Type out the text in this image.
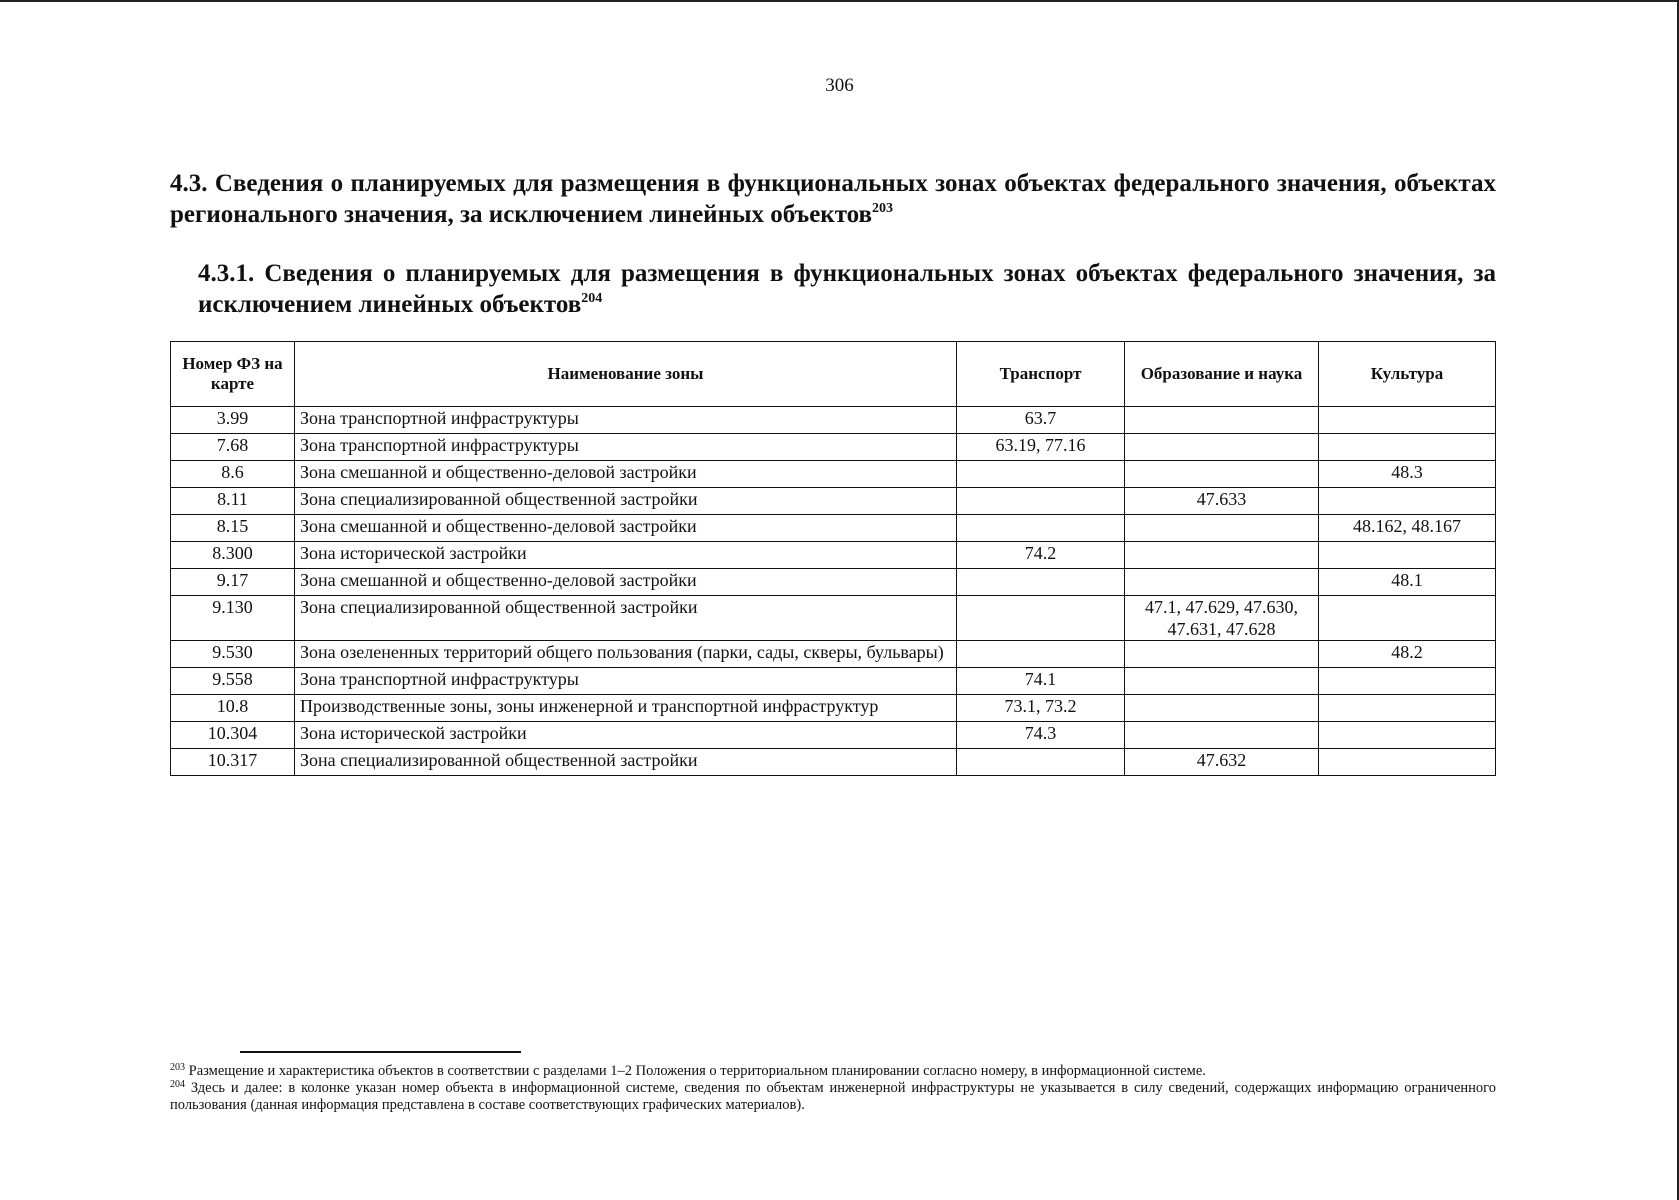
306
4.3. Сведения о планируемых для размещения в функциональных зонах объектах федерального значения, объектах регионального значения, за исключением линейных объектов$^{203}$
4.3.1. Сведения о планируемых для размещения в функциональных зонах объектах федерального значения, за исключением линейных объектов$^{204}$
Номер ФЗ на карте	Наименование зоны	Транспорт	Образование и наука	Культура
3.99	Зона транспортной инфраструктуры	63.7		
7.68	Зона транспортной инфраструктуры	63.19, 77.16		
8.6	Зона смешанной и общественно-деловой застройки			48.3
8.11	Зона специализированной общественной застройки		47.633	
8.15	Зона смешанной и общественно-деловой застройки			48.162, 48.167
8.300	Зона исторической застройки	74.2		
9.17	Зона смешанной и общественно-деловой застройки			48.1
9.130	Зона специализированной общественной застройки		47.1, 47.629, 47.630, 47.631, 47.628	
9.530	Зона озелененных территорий общего пользования (парки, сады, скверы, бульвары)			48.2
9.558	Зона транспортной инфраструктуры	74.1		
10.8	Производственные зоны, зоны инженерной и транспортной инфраструктур	73.1, 73.2		
10.304	Зона исторической застройки	74.3		
10.317	Зона специализированной общественной застройки		47.632	

$^{203}$ Размещение и характеристика объектов в соответствии с разделами 1–2 Положения о территориальном планировании согласно номеру, в информационной системе.

$^{204}$ Здесь и далее: в колонке указан номер объекта в информационной системе, сведения по объектам инженерной инфраструктуры не указывается в силу сведений, содержащих информацию ограниченного пользования (данная информация представлена в составе соответствующих графических материалов).
